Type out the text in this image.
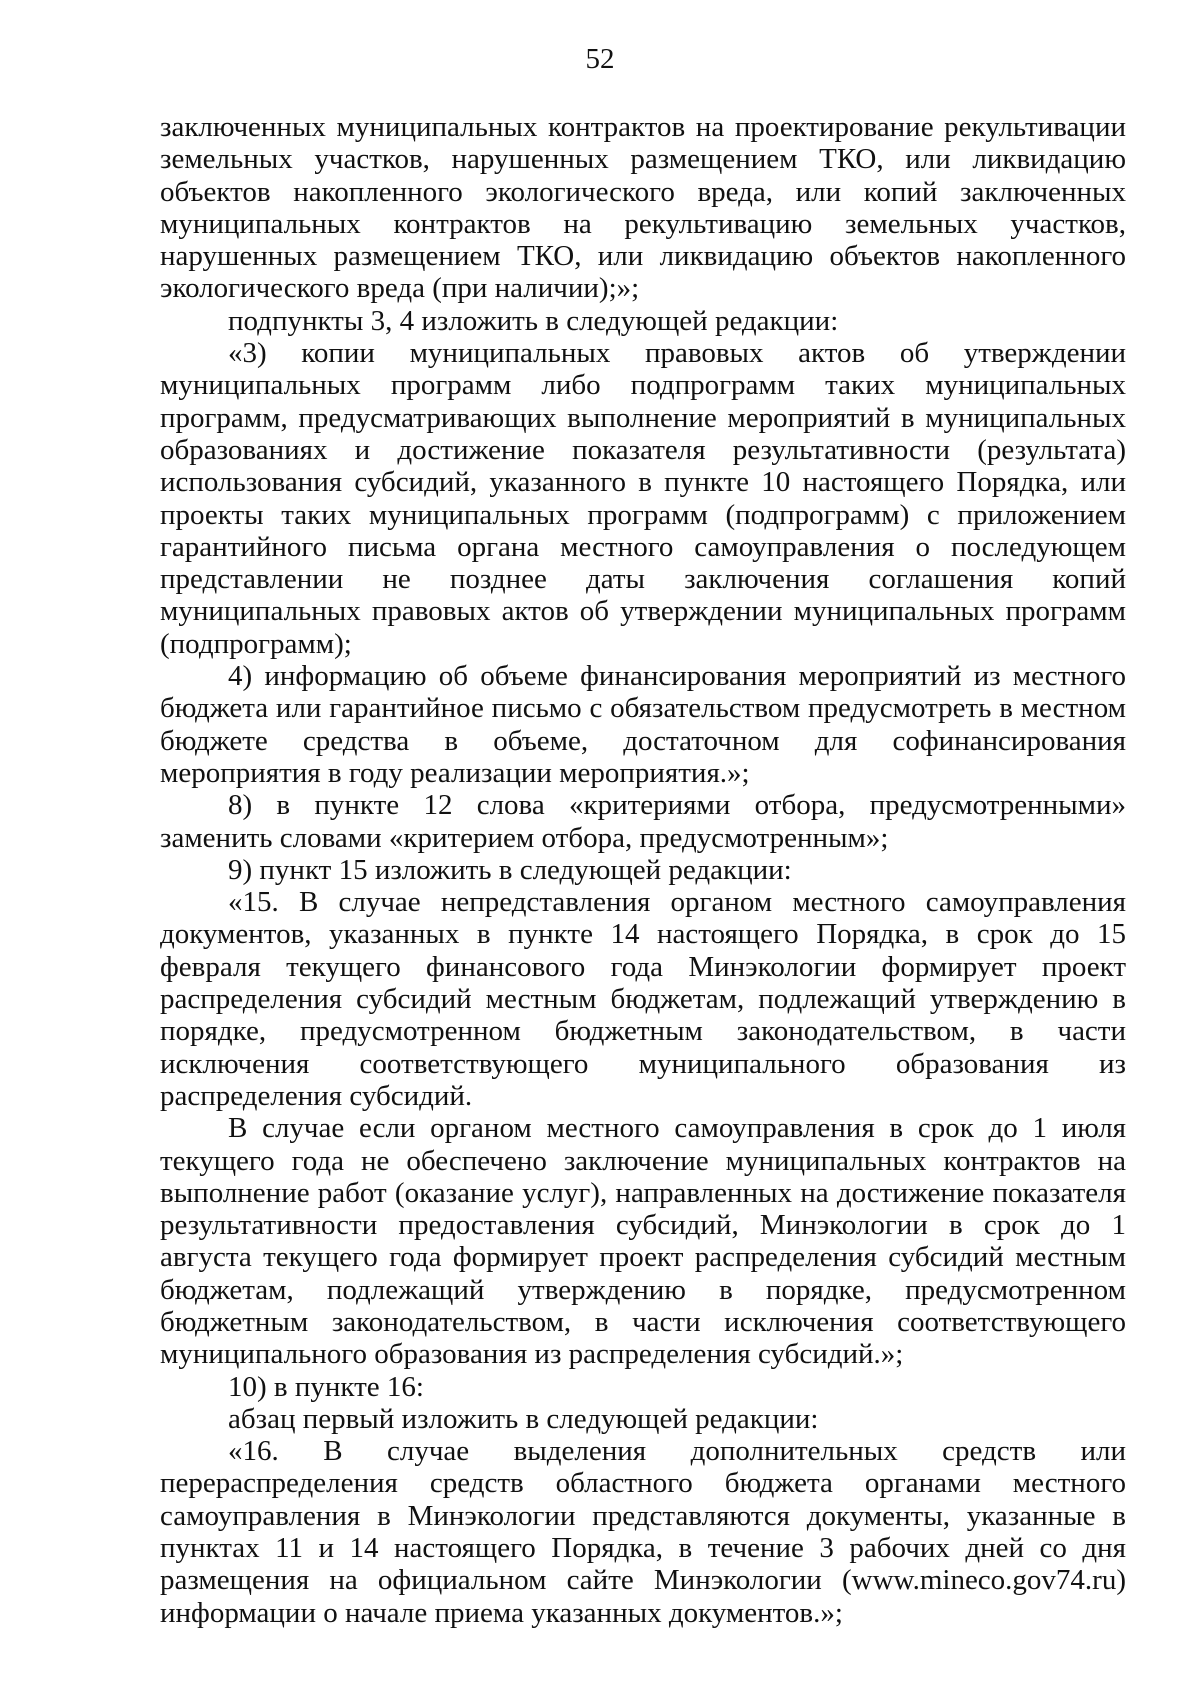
52

заключенных муниципальных контрактов на проектирование рекультивации земельных участков, нарушенных размещением ТКО, или ликвидацию объектов накопленного экологического вреда, или копий заключенных муниципальных контрактов на рекультивацию земельных участков, нарушенных размещением ТКО, или ликвидацию объектов накопленного экологического вреда (при наличии);»;

подпункты 3, 4 изложить в следующей редакции:

«3) копии муниципальных правовых актов об утверждении муниципальных программ либо подпрограмм таких муниципальных программ, предусматривающих выполнение мероприятий в муниципальных образованиях и достижение показателя результативности (результата) использования субсидий, указанного в пункте 10 настоящего Порядка, или проекты таких муниципальных программ (подпрограмм) с приложением гарантийного письма органа местного самоуправления о последующем представлении не позднее даты заключения соглашения копий муниципальных правовых актов об утверждении муниципальных программ (подпрограмм);

4) информацию об объеме финансирования мероприятий из местного бюджета или гарантийное письмо с обязательством предусмотреть в местном бюджете средства в объеме, достаточном для софинансирования мероприятия в году реализации мероприятия.»;

8) в пункте 12 слова «критериями отбора, предусмотренными» заменить словами «критерием отбора, предусмотренным»;

9) пункт 15 изложить в следующей редакции:

«15. В случае непредставления органом местного самоуправления документов, указанных в пункте 14 настоящего Порядка, в срок до 15 февраля текущего финансового года Минэкологии формирует проект распределения субсидий местным бюджетам, подлежащий утверждению в порядке, предусмотренном бюджетным законодательством, в части исключения соответствующего муниципального образования из распределения субсидий.

В случае если органом местного самоуправления в срок до 1 июля текущего года не обеспечено заключение муниципальных контрактов на выполнение работ (оказание услуг), направленных на достижение показателя результативности предоставления субсидий, Минэкологии в срок до 1 августа текущего года формирует проект распределения субсидий местным бюджетам, подлежащий утверждению в порядке, предусмотренном бюджетным законодательством, в части исключения соответствующего муниципального образования из распределения субсидий.»;

10) в пункте 16:

абзац первый изложить в следующей редакции:

«16. В случае выделения дополнительных средств или перераспределения средств областного бюджета органами местного самоуправления в Минэкологии представляются документы, указанные в пунктах 11 и 14 настоящего Порядка, в течение 3 рабочих дней со дня размещения на официальном сайте Минэкологии (www.mineco.gov74.ru) информации о начале приема указанных документов.»;
